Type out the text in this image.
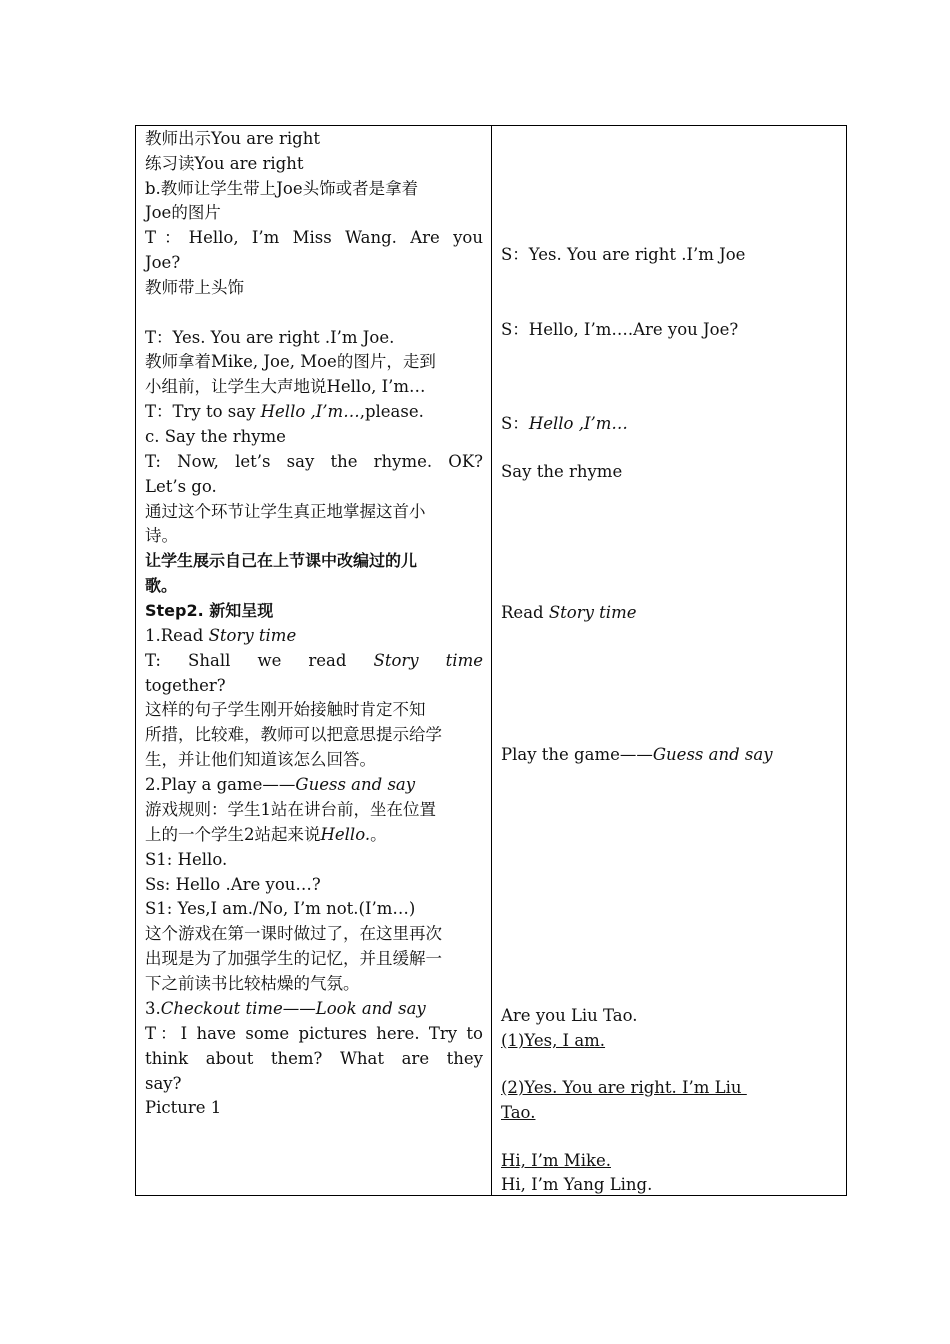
教师出示You are right
练习读You are right
b.教师让学生带上Joe头饰或者是拿着
Joe的图片
T：Hello, I’m Miss Wang. Are you
Joe?
教师带上头饰
T：Yes. You are right .I’m Joe.
教师拿着Mike, Joe, Moe的图片，走到
小组前，让学生大声地说Hello, I’m…
T：Try to say Hello ,I’m…,please.
c. Say the rhyme
T: Now, let’s say the rhyme. OK?
Let’s go.
通过这个环节让学生真正地掌握这首小
诗。
让学生展示自己在上节课中改编过的儿
歌。
Step2. 新知呈现
1.Read Story time
T: Shall we read Story time
together?
这样的句子学生刚开始接触时肯定不知
所措，比较难，教师可以把意思提示给学
生，并让他们知道该怎么回答。
2.Play a game——Guess and say
游戏规则：学生1站在讲台前，坐在位置
上的一个学生2站起来说Hello.。
S1: Hello.
Ss: Hello .Are you…?
S1: Yes,I am./No, I’m not.(I’m…)
这个游戏在第一课时做过了，在这里再次
出现是为了加强学生的记忆，并且缓解一
下之前读书比较枯燥的气氛。
3.Checkout time——Look and say
T：I have some pictures here. Try to
think about them? What are they
say?
Picture 1
S：Yes. You are right .I’m Joe
S：Hello, I’m….Are you Joe?
S：Hello ,I’m…
Say the rhyme
Read Story time
Play the game——Guess and say
Are you Liu Tao.
(1)Yes, I am.
(2)Yes. You are right. I’m Liu
Tao.
Hi, I’m Mike.
Hi, I’m Yang Ling.
